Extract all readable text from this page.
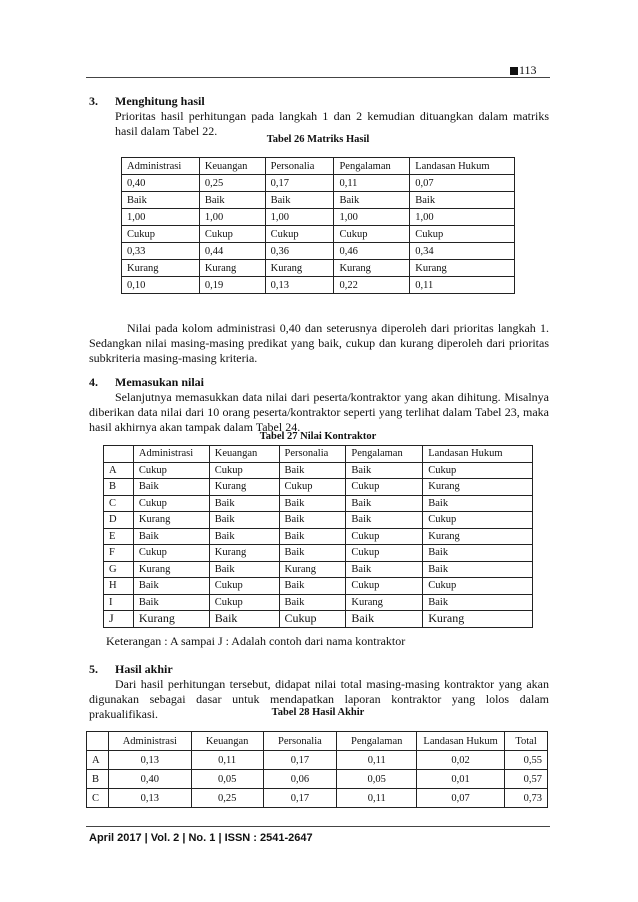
113
3. Menghitung hasil
Prioritas hasil perhitungan pada langkah 1 dan 2 kemudian dituangkan dalam matriks hasil dalam Tabel 22.
Tabel 26 Matriks Hasil
Administrasi	Keuangan	Personalia	Pengalaman	Landasan Hukum
0,40	0,25	0,17	0,11	0,07
Baik	Baik	Baik	Baik	Baik
1,00	1,00	1,00	1,00	1,00
Cukup	Cukup	Cukup	Cukup	Cukup
0,33	0,44	0,36	0,46	0,34
Kurang	Kurang	Kurang	Kurang	Kurang
0,10	0,19	0,13	0,22	0,11
Nilai pada kolom administrasi 0,40 dan seterusnya diperoleh dari prioritas langkah 1. Sedangkan nilai masing-masing predikat yang baik, cukup dan kurang diperoleh dari prioritas subkriteria masing-masing kriteria.
4. Memasukan nilai
Selanjutnya memasukkan data nilai dari peserta/kontraktor yang akan dihitung. Misalnya diberikan data nilai dari 10 orang peserta/kontraktor seperti yang terlihat dalam Tabel 23, maka hasil akhirnya akan tampak dalam Tabel 24.
Tabel 27 Nilai Kontraktor
	Administrasi	Keuangan	Personalia	Pengalaman	Landasan Hukum
A	Cukup	Cukup	Baik	Baik	Cukup
B	Baik	Kurang	Cukup	Cukup	Kurang
C	Cukup	Baik	Baik	Baik	Baik
D	Kurang	Baik	Baik	Baik	Cukup
E	Baik	Baik	Baik	Cukup	Kurang
F	Cukup	Kurang	Baik	Cukup	Baik
G	Kurang	Baik	Kurang	Baik	Baik
H	Baik	Cukup	Baik	Cukup	Cukup
I	Baik	Cukup	Baik	Kurang	Baik
J	Kurang	Baik	Cukup	Baik	Kurang
Keterangan : A sampai J : Adalah contoh dari nama kontraktor
5. Hasil akhir
Dari hasil perhitungan tersebut, didapat nilai total masing-masing kontraktor yang akan digunakan sebagai dasar untuk mendapatkan laporan kontraktor yang lolos dalam prakualifikasi.	Tabel 28 Hasil Akhir
	Administrasi	Keuangan	Personalia	Pengalaman	Landasan Hukum	Total
A	0,13	0,11	0,17	0,11	0,02	0,55
B	0,40	0,05	0,06	0,05	0,01	0,57
C	0,13	0,25	0,17	0,11	0,07	0,73
April 2017 | Vol. 2 | No. 1 | ISSN : 2541-2647
